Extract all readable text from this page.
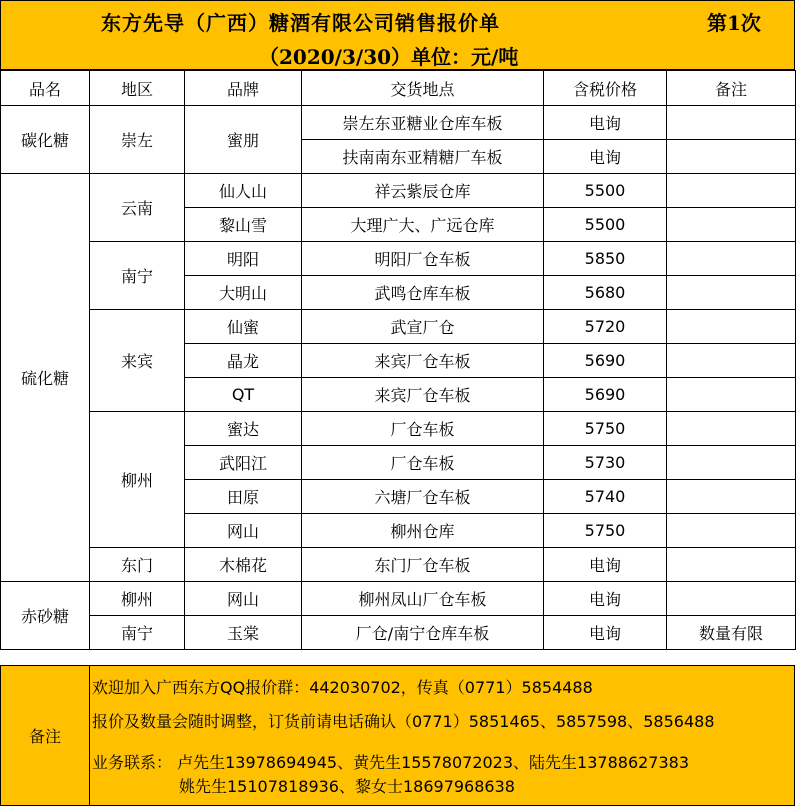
东方先导（广西）糖酒有限公司销售报价单	第1次
（2020/3/30）单位：元/吨
品名	地区	品牌	交货地点	含税价格	备注
碳化糖	崇左	蜜朋	崇左东亚糖业仓库车板	电询	
			扶南南东亚精糖厂车板	电询	
硫化糖	云南	仙人山	祥云紫辰仓库	5500	
		黎山雪	大理广大、广远仓库	5500	
	南宁	明阳	明阳厂仓车板	5850	
		大明山	武鸣仓库车板	5680	
	来宾	仙蜜	武宣厂仓	5720	
		晶龙	来宾厂仓车板	5690	
		QT	来宾厂仓车板	5690	
	柳州	蜜达	厂仓车板	5750	
		武阳江	厂仓车板	5730	
		田原	六塘厂仓车板	5740	
		网山	柳州仓库	5750	
	东门	木棉花	东门厂仓车板	电询	
赤砂糖	柳州	网山	柳州凤山厂仓车板	电询	
	南宁	玉棠	厂仓/南宁仓库车板	电询	数量有限
备注
欢迎加入广西东方QQ报价群：442030702，传真（0771）5854488
报价及数量会随时调整，订货前请电话确认（0771）5851465、5857598、5856488
业务联系： 卢先生13978694945、黄先生15578072023、陆先生13788627383
姚先生15107818936、黎女士18697968638
